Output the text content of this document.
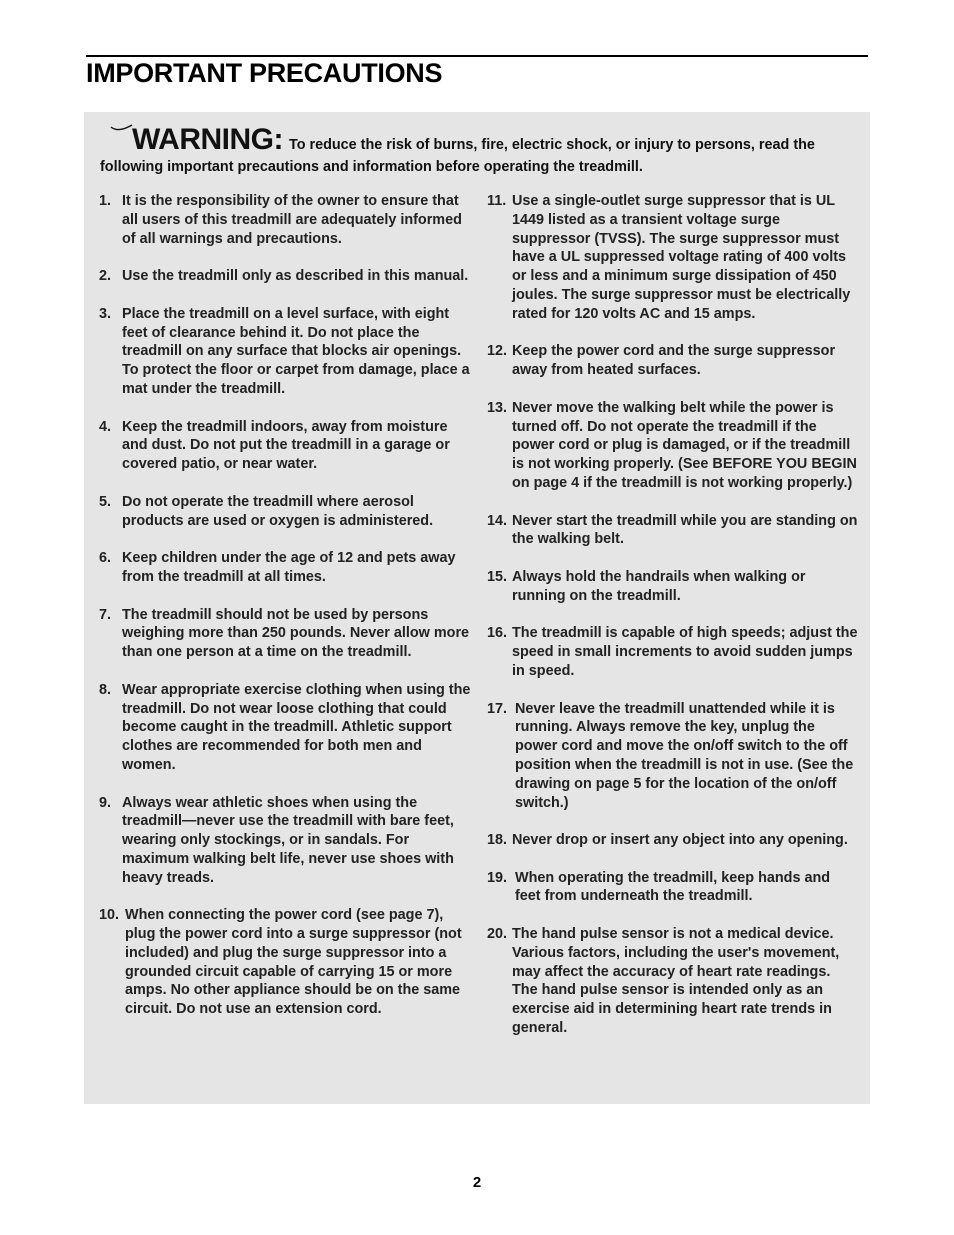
IMPORTANT PRECAUTIONS
WARNING: To reduce the risk of burns, fire, electric shock, or injury to persons, read the following important precautions and information before operating the treadmill.
1. It is the responsibility of the owner to ensure that all users of this treadmill are adequately informed of all warnings and precautions.
2. Use the treadmill only as described in this manual.
3. Place the treadmill on a level surface, with eight feet of clearance behind it. Do not place the treadmill on any surface that blocks air openings. To protect the floor or carpet from damage, place a mat under the treadmill.
4. Keep the treadmill indoors, away from moisture and dust. Do not put the treadmill in a garage or covered patio, or near water.
5. Do not operate the treadmill where aerosol products are used or oxygen is administered.
6. Keep children under the age of 12 and pets away from the treadmill at all times.
7. The treadmill should not be used by persons weighing more than 250 pounds. Never allow more than one person at a time on the treadmill.
8. Wear appropriate exercise clothing when using the treadmill. Do not wear loose clothing that could become caught in the treadmill. Athletic support clothes are recommended for both men and women.
9. Always wear athletic shoes when using the treadmill—never use the treadmill with bare feet, wearing only stockings, or in sandals. For maximum walking belt life, never use shoes with heavy treads.
10. When connecting the power cord (see page 7), plug the power cord into a surge suppressor (not included) and plug the surge suppressor into a grounded circuit capable of carrying 15 or more amps. No other appliance should be on the same circuit. Do not use an extension cord.
11. Use a single-outlet surge suppressor that is UL 1449 listed as a transient voltage surge suppressor (TVSS). The surge suppressor must have a UL suppressed voltage rating of 400 volts or less and a minimum surge dissipation of 450 joules. The surge suppressor must be electrically rated for 120 volts AC and 15 amps.
12. Keep the power cord and the surge suppressor away from heated surfaces.
13. Never move the walking belt while the power is turned off. Do not operate the treadmill if the power cord or plug is damaged, or if the treadmill is not working properly. (See BEFORE YOU BEGIN on page 4 if the treadmill is not working properly.)
14. Never start the treadmill while you are standing on the walking belt.
15. Always hold the handrails when walking or running on the treadmill.
16. The treadmill is capable of high speeds; adjust the speed in small increments to avoid sudden jumps in speed.
17. Never leave the treadmill unattended while it is running. Always remove the key, unplug the power cord and move the on/off switch to the off position when the treadmill is not in use. (See the drawing on page 5 for the location of the on/off switch.)
18. Never drop or insert any object into any opening.
19. When operating the treadmill, keep hands and feet from underneath the treadmill.
20. The hand pulse sensor is not a medical device. Various factors, including the user's movement, may affect the accuracy of heart rate readings. The hand pulse sensor is intended only as an exercise aid in determining heart rate trends in general.
2
